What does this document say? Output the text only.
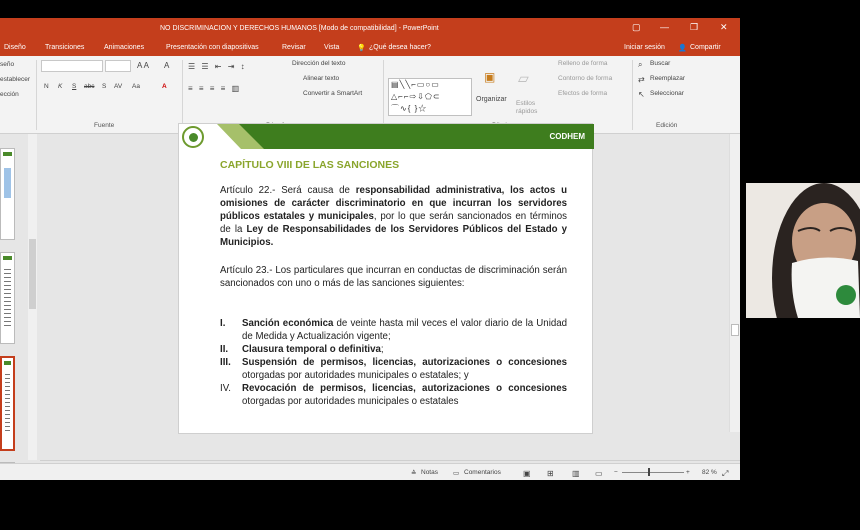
NO DISCRIMINACION Y DERECHOS HUMANOS [Modo de compatibilidad] - PowerPoint	▢ — ❐ ✕
Diseño	Transiciones	Animaciones	Presentación con diapositivas	Revisar	Vista	💡 ¿Qué desea hacer?	Iniciar sesión 👤 Compartir
seño
establecer
ección
A A A
N K S abc S AV Aa	A
Fuente
☰ ☰ ⇤ ⇥ ↕
≡ ≡ ≡ ≡ ▥
Dirección del texto
Alinear texto
Convertir a SmartArt
▤╲╲⌐▭○▭
△⌐⌐⇨⇩⬠⊂
⌒∿{ }☆
Organizar
▣
Estilos rápidos
▱
Relleno de forma
Contorno de forma
Efectos de forma
⌕ Buscar
⇄ Reemplazar
↖ Seleccionar
Edición
CODHEM
CAPÍTULO VIII DE LAS SANCIONES
Artículo 22.- Será causa de responsabilidad administrativa, los actos u omisiones de carácter discriminatorio en que incurran los servidores públicos estatales y municipales, por lo que serán sancionados en términos de la Ley de Responsabilidades de los Servidores Públicos del Estado y Municipios.
Artículo 23.- Los particulares que incurran en conductas de discriminación serán sancionados con uno o más de las sanciones siguientes:
I. Sanción económica de veinte hasta mil veces el valor diario de la Unidad de Medida y Actualización vigente;
II. Clausura temporal o definitiva;
III. Suspensión de permisos, licencias, autorizaciones o concesiones otorgadas por autoridades municipales o estatales; y
IV. Revocación de permisos, licencias, autorizaciones o concesiones otorgadas por autoridades municipales o estatales
≙ Notas ▭ Comentarios	▣ ⊞ ▥ ▭ −	+ 82 % ⤢
